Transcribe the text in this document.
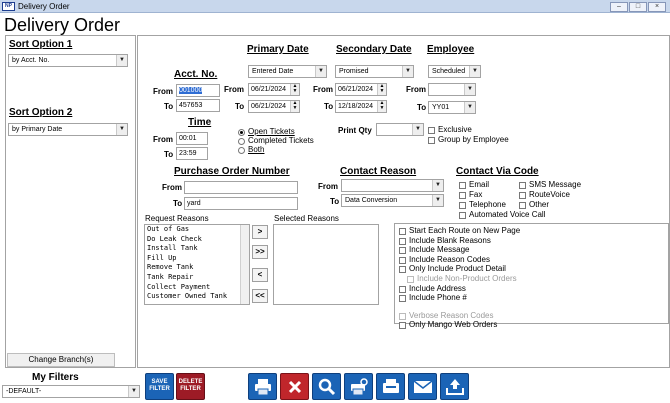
NP Delivery Order	–	□	×
Delivery Order
Sort Option 1
by Acct. No.	▼
Sort Option 2
by Primary Date	▼
Change Branch(s)
Acct. No.
From 001000
To 457653
Time
From 00:01
To 23:59
Open Tickets
Completed Tickets
Both
Primary Date
Entered Date	▼
From	06/21/2024	▲
▼
To 06/21/2024	▲
▼
Secondary Date
Promised	▼
From 06/21/2024	▲
▼
To 12/18/2024	▲
▼
Employee
Scheduled	▼
From	▼
To YY01	▼
Print Qty	▼ Exclusive
Group by Employee
Purchase Order Number
From
To yard
Contact Reason
From	▼
To Data Conversion	▼
Contact Via Code
Email	SMS Message
Fax	RouteVoice
Telephone	Other
Automated Voice Call
Request Reasons
Out of Gas
Do Leak Check
Install Tank
Fill Up
Remove Tank
Tank Repair
Collect Payment
Customer Owned Tank
>
>>
<
<<
Selected Reasons
Start Each Route on New Page
Include Blank Reasons
Include Message
Include Reason Codes
Only Include Product Detail
Include Non-Product Orders
Include Address
Include Phone #
Verbose Reason Codes
Only Mango Web Orders
My Filters
-DEFAULT-	▼
SAVE FILTER
DELETE FILTER
